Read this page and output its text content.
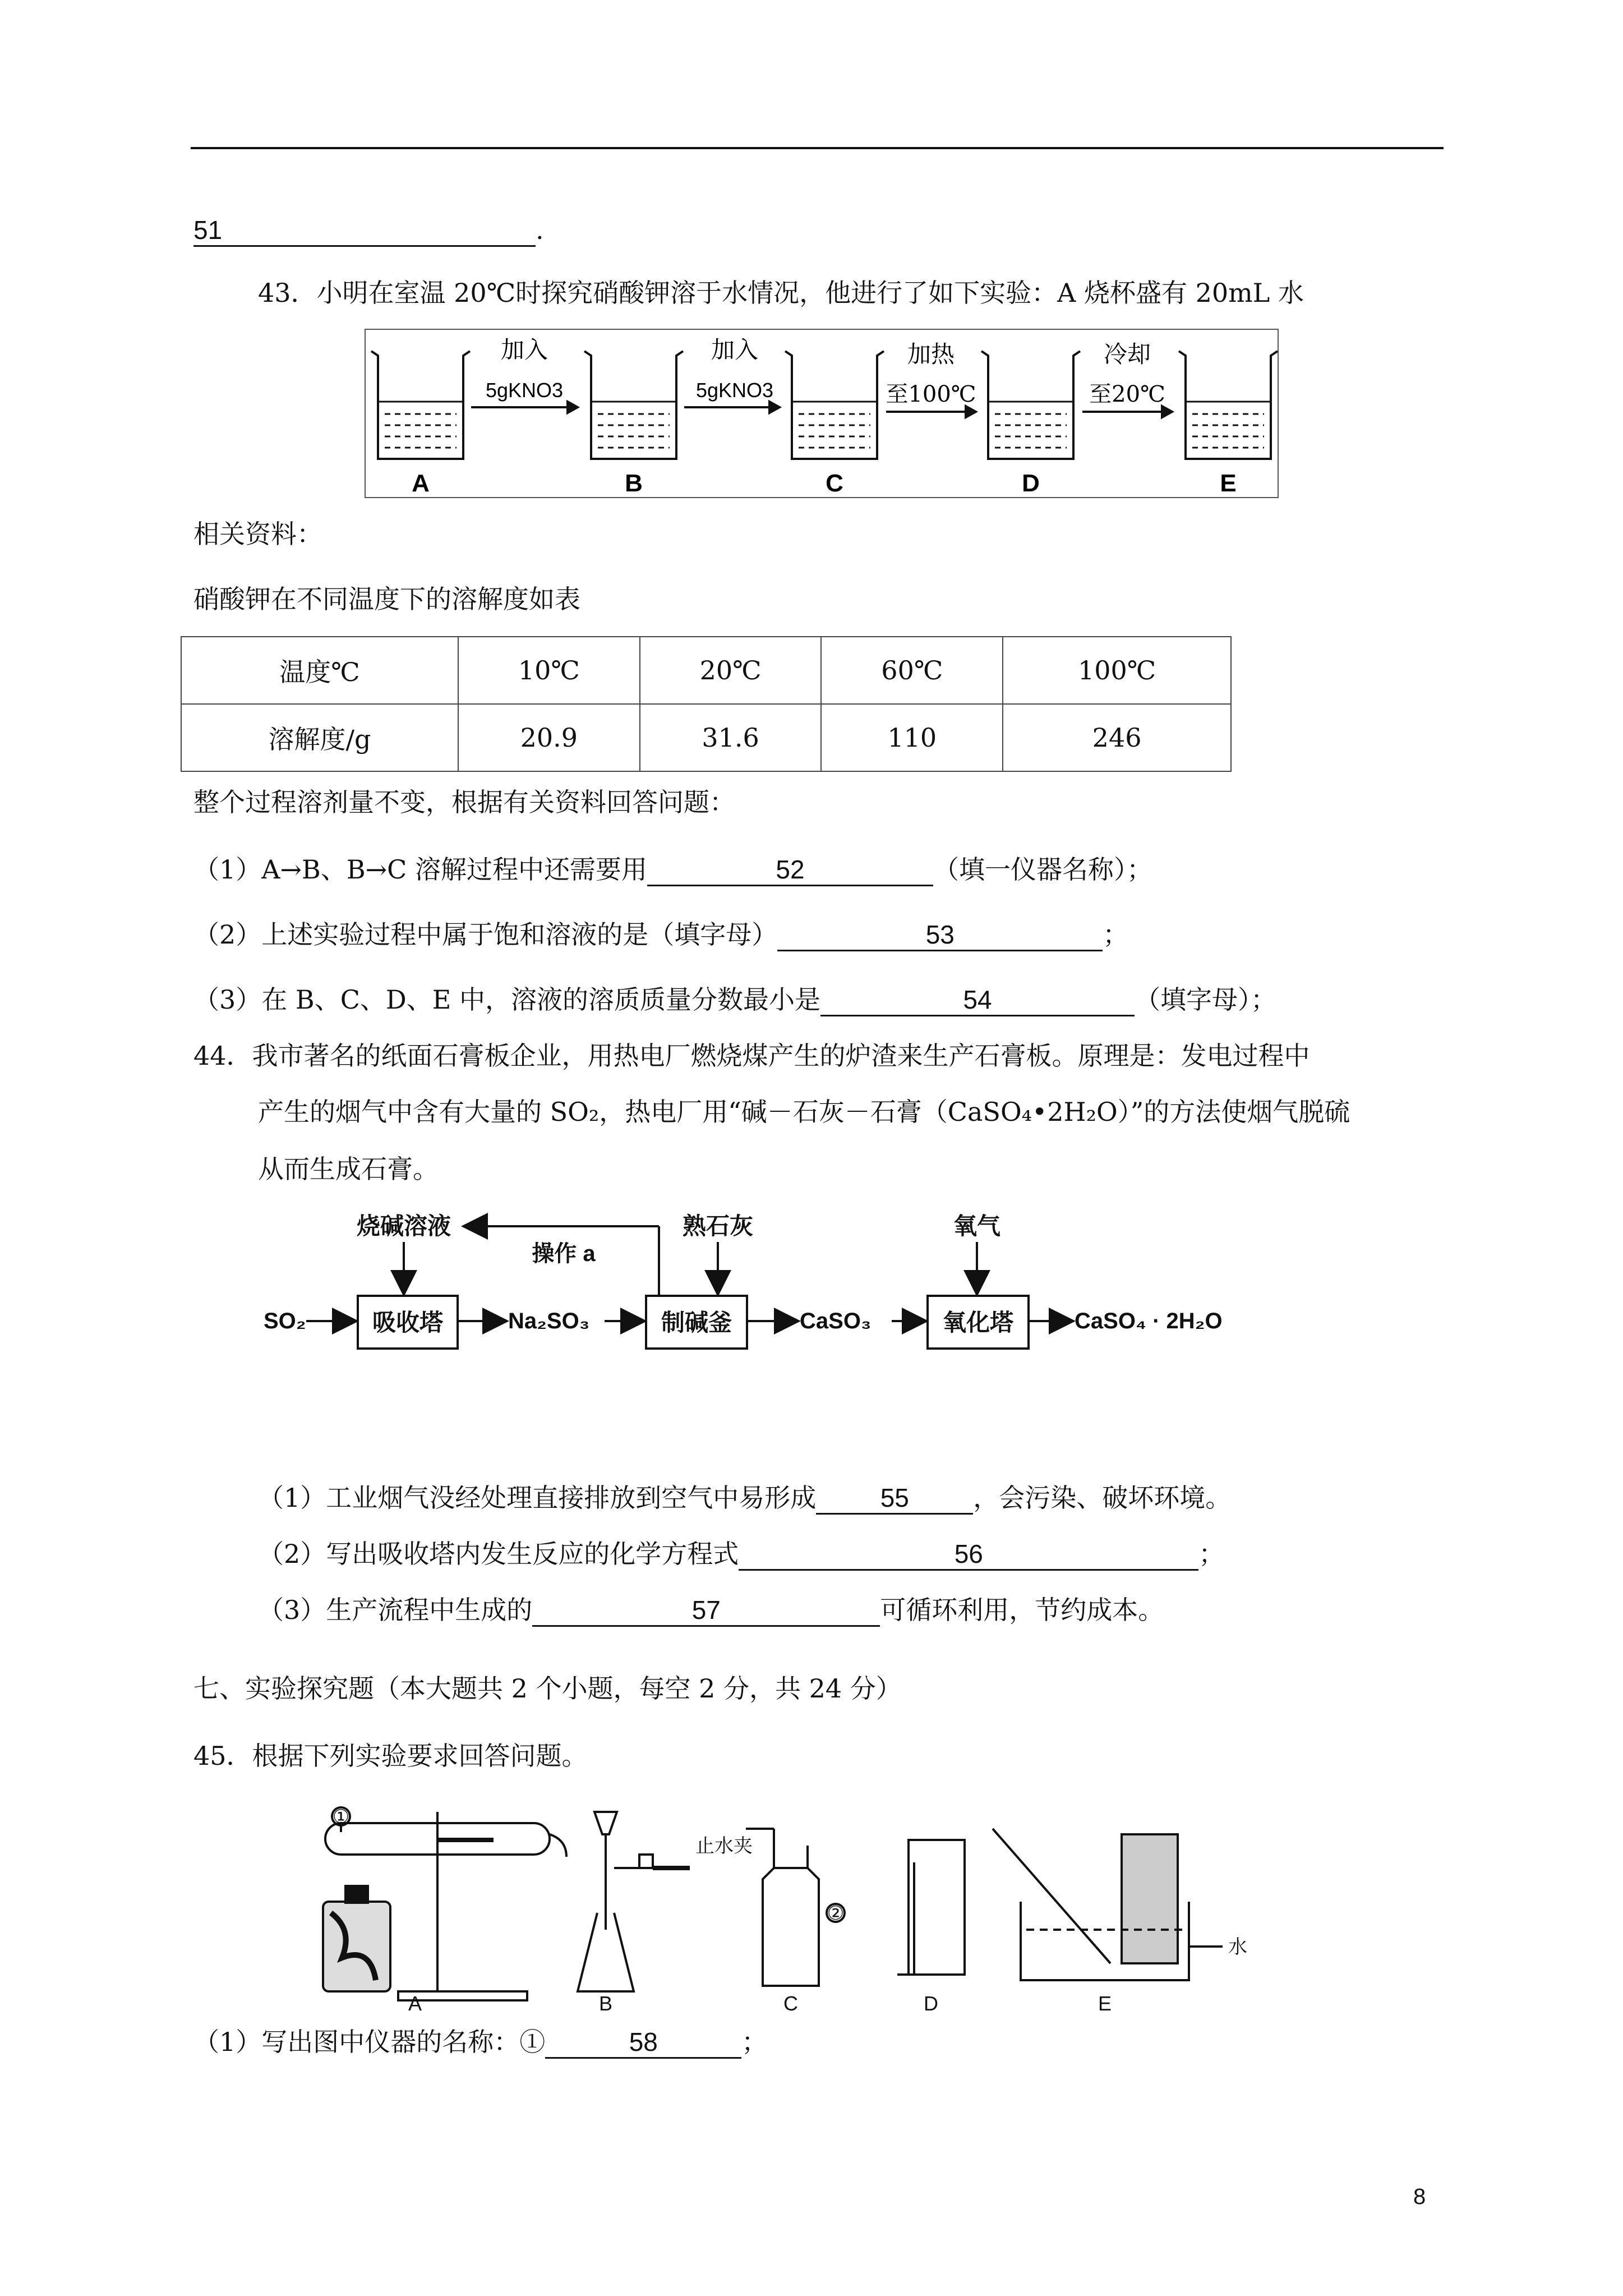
51	.
43．小明在室温 20℃时探究硝酸钾溶于水情况，他进行了如下实验：A 烧杯盛有 20mL 水
A	B	C	D	E
加入
5gKNO3
加入
5gKNO3
加热
至100℃
冷却
至20℃
相关资料：
硝酸钾在不同温度下的溶解度如表
温度℃	10℃	20℃	60℃	100℃
溶解度/g	20.9	31.6	110	246
整个过程溶剂量不变，根据有关资料回答问题：
（1）A→B、B→C 溶解过程中还需要用	52	（填一仪器名称）；
（2）上述实验过程中属于饱和溶液的是（填字母）	53	；
（3）在 B、C、D、E 中，溶液的溶质质量分数最小是	54	（填字母）；
44．我市著名的纸面石膏板企业，用热电厂燃烧煤产生的炉渣来生产石膏板。原理是：发电过程中
产生的烟气中含有大量的 SO₂，热电厂用“碱－石灰－石膏（CaSO₄•2H₂O）”的方法使烟气脱硫
从而生成石膏。
SO₂	吸收塔	Na₂SO₃	制碱釜	CaSO₃	氧化塔	CaSO₄ · 2H₂O
烧碱溶液
操作 a
熟石灰	氧气
（1）工业烟气没经处理直接排放到空气中易形成 55 ，会污染、破坏环境。
（2）写出吸收塔内发生反应的化学方程式	56	；
（3）生产流程中生成的	57	可循环利用，节约成本。
七、实验探究题（本大题共 2 个小题，每空 2 分，共 24 分）
45．根据下列实验要求回答问题。
A	B	C	D	E
①
②
止水夹
水
（1）写出图中仪器的名称：①	58	；
8
